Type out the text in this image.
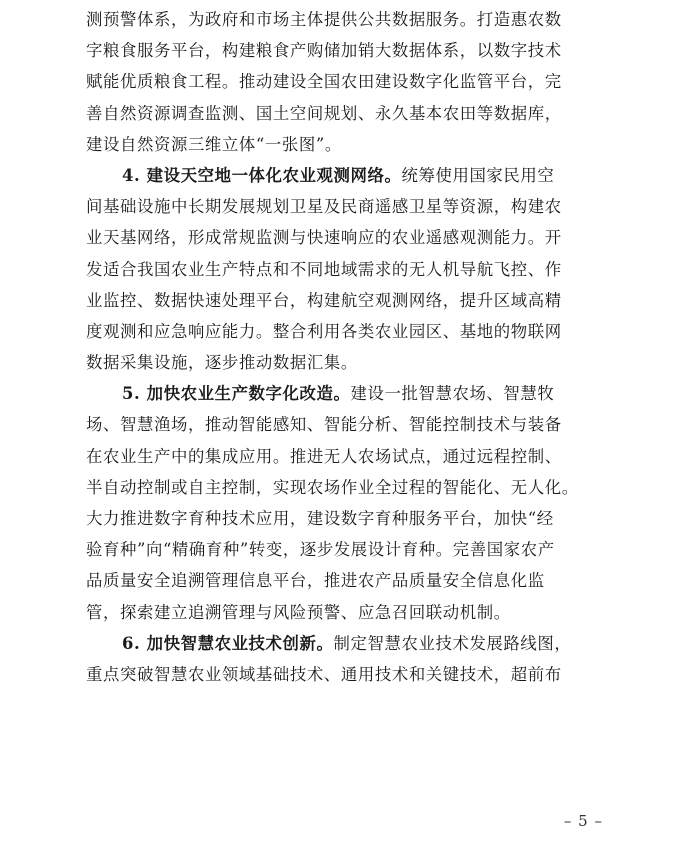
测预警体系，为政府和市场主体提供公共数据服务。打造惠农数
字粮食服务平台，构建粮食产购储加销大数据体系，以数字技术
赋能优质粮食工程。推动建设全国农田建设数字化监管平台，完
善自然资源调查监测、国土空间规划、永久基本农田等数据库，
建设自然资源三维立体“一张图”。
4. 建设天空地一体化农业观测网络。统筹使用国家民用空
间基础设施中长期发展规划卫星及民商遥感卫星等资源，构建农
业天基网络，形成常规监测与快速响应的农业遥感观测能力。开
发适合我国农业生产特点和不同地域需求的无人机导航飞控、作
业监控、数据快速处理平台，构建航空观测网络，提升区域高精
度观测和应急响应能力。整合利用各类农业园区、基地的物联网
数据采集设施，逐步推动数据汇集。
5. 加快农业生产数字化改造。建设一批智慧农场、智慧牧
场、智慧渔场，推动智能感知、智能分析、智能控制技术与装备
在农业生产中的集成应用。推进无人农场试点，通过远程控制、
半自动控制或自主控制，实现农场作业全过程的智能化、无人化。
大力推进数字育种技术应用，建设数字育种服务平台，加快“经
验育种”向“精确育种”转变，逐步发展设计育种。完善国家农产
品质量安全追溯管理信息平台，推进农产品质量安全信息化监
管，探索建立追溯管理与风险预警、应急召回联动机制。
6. 加快智慧农业技术创新。制定智慧农业技术发展路线图，
重点突破智慧农业领域基础技术、通用技术和关键技术，超前布
– 5 –
